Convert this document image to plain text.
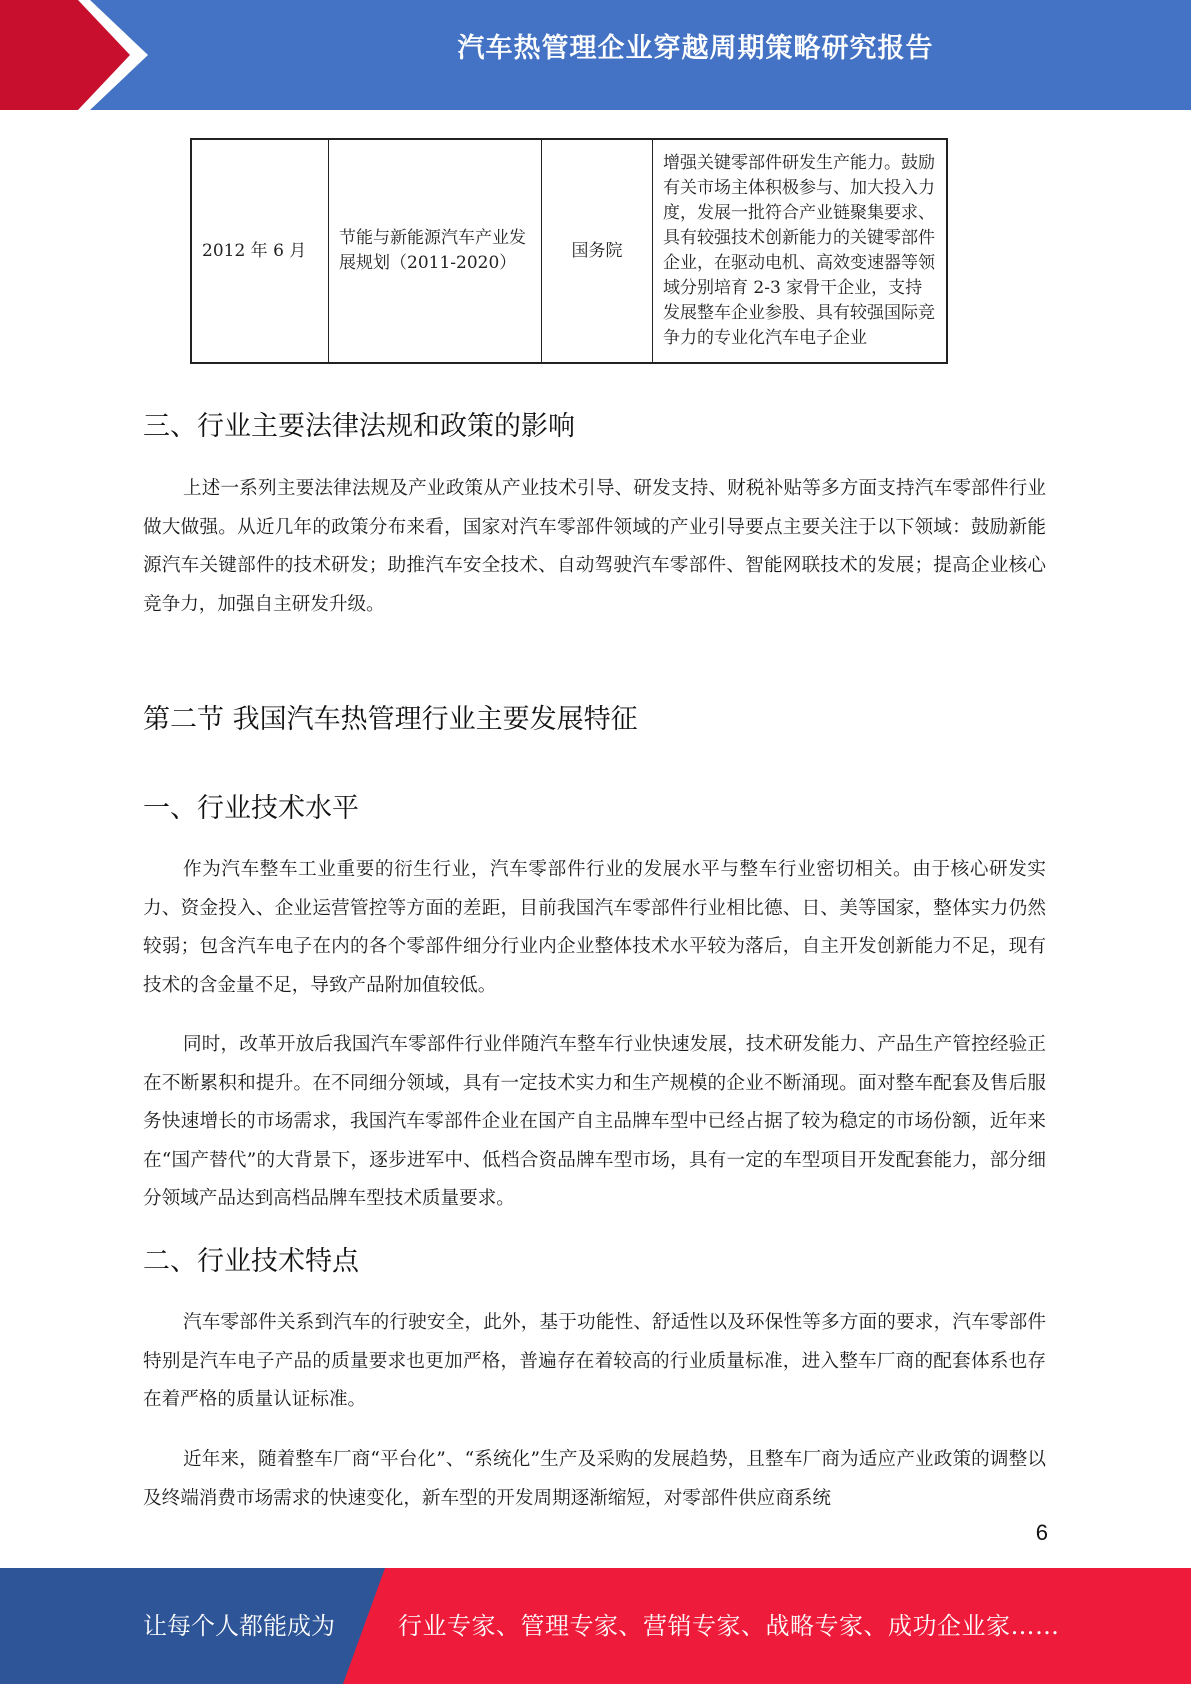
汽车热管理企业穿越周期策略研究报告
2012 年 6 月	节能与新能源汽车产业发展规划（2011-2020）	国务院	增强关键零部件研发生产能力。鼓励有关市场主体积极参与、加大投入力度，发展一批符合产业链聚集要求、具有较强技术创新能力的关键零部件企业，在驱动电机、高效变速器等领域分别培育 2-3 家骨干企业，支持发展整车企业参股、具有较强国际竞争力的专业化汽车电子企业
三、行业主要法律法规和政策的影响

上述一系列主要法律法规及产业政策从产业技术引导、研发支持、财税补贴等多方面支持汽车零部件行业做大做强。从近几年的政策分布来看，国家对汽车零部件领域的产业引导要点主要关注于以下领域：鼓励新能源汽车关键部件的技术研发；助推汽车安全技术、自动驾驶汽车零部件、智能网联技术的发展；提高企业核心竞争力，加强自主研发升级。

第二节 我国汽车热管理行业主要发展特征
一、行业技术水平

作为汽车整车工业重要的衍生行业，汽车零部件行业的发展水平与整车行业密切相关。由于核心研发实力、资金投入、企业运营管控等方面的差距，目前我国汽车零部件行业相比德、日、美等国家，整体实力仍然较弱；包含汽车电子在内的各个零部件细分行业内企业整体技术水平较为落后，自主开发创新能力不足，现有技术的含金量不足，导致产品附加值较低。

同时，改革开放后我国汽车零部件行业伴随汽车整车行业快速发展，技术研发能力、产品生产管控经验正在不断累积和提升。在不同细分领域，具有一定技术实力和生产规模的企业不断涌现。面对整车配套及售后服务快速增长的市场需求，我国汽车零部件企业在国产自主品牌车型中已经占据了较为稳定的市场份额，近年来在“国产替代”的大背景下，逐步进军中、低档合资品牌车型市场，具有一定的车型项目开发配套能力，部分细分领域产品达到高档品牌车型技术质量要求。

二、行业技术特点

汽车零部件关系到汽车的行驶安全，此外，基于功能性、舒适性以及环保性等多方面的要求，汽车零部件特别是汽车电子产品的质量要求也更加严格，普遍存在着较高的行业质量标准，进入整车厂商的配套体系也存在着严格的质量认证标准。

近年来，随着整车厂商“平台化”、“系统化”生产及采购的发展趋势，且整车厂商为适应产业政策的调整以及终端消费市场需求的快速变化，新车型的开发周期逐渐缩短，对零部件供应商系统

6
让每个人都能成为	行业专家、管理专家、营销专家、战略专家、成功企业家……
